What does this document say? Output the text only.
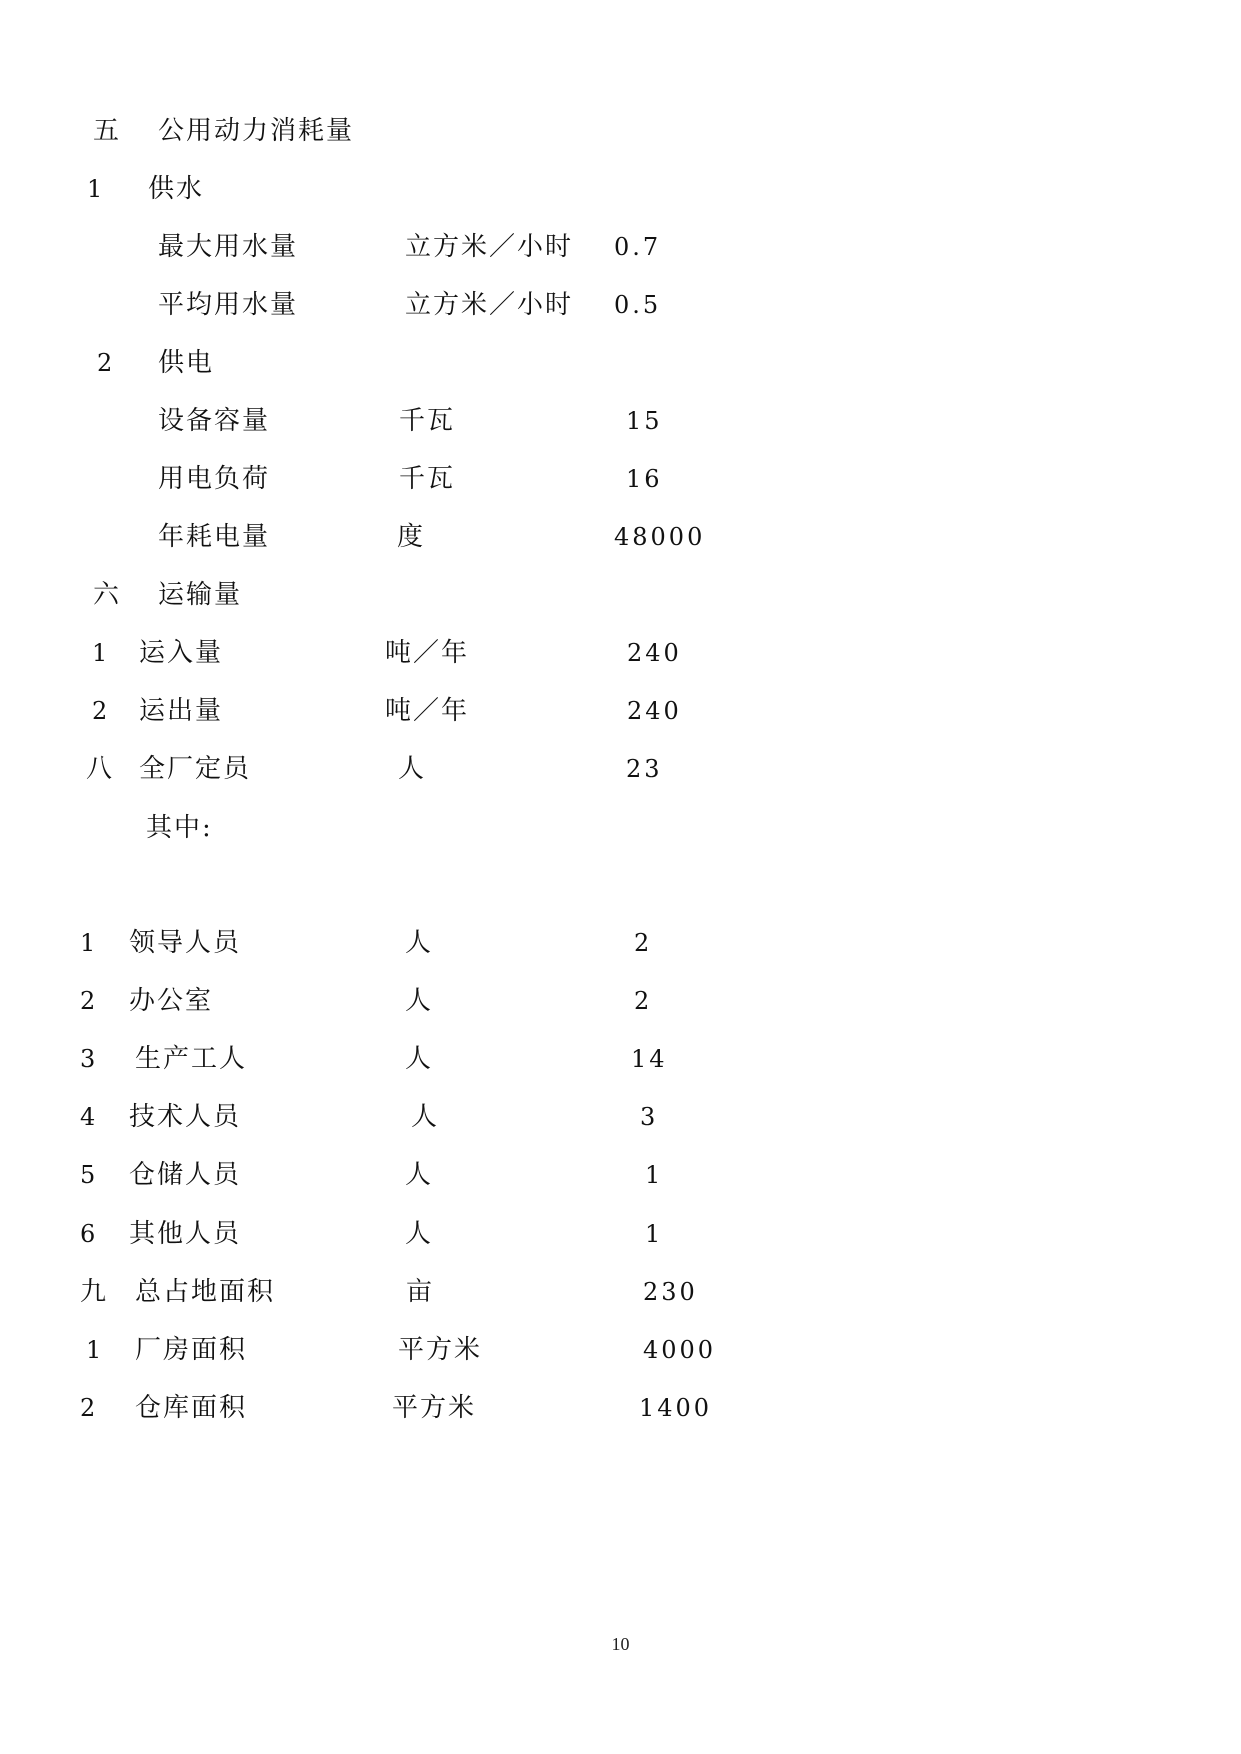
五 公用动力消耗量
1 供水
最大用水量	立方米／小时 0.7
平均用水量	立方米／小时 0.5
2 供电
设备容量	千瓦	15
用电负荷	千瓦	16
年耗电量	度	48000
六 运输量
1 运入量	吨／年	240
2 运出量	吨／年	240
八 全厂定员	人	23
其中:
1 领导人员	人	2
2 办公室	人	2
3 生产工人	人	14
4 技术人员	人	3
5 仓储人员	人	1
6 其他人员	人	1
九 总占地面积	亩	230
1 厂房面积	平方米	4000
2 仓库面积	平方米	1400
10
